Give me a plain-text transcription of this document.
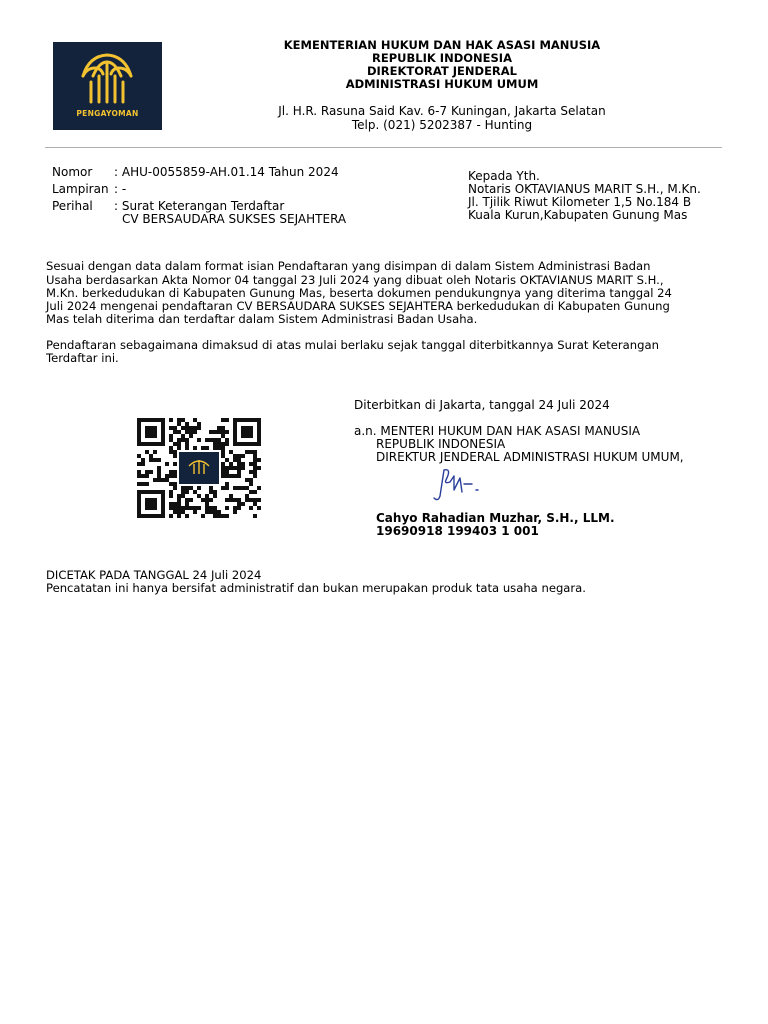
PENGAYOMAN
KEMENTERIAN HUKUM DAN HAK ASASI MANUSIA
REPUBLIK INDONESIA
DIREKTORAT JENDERAL
ADMINISTRASI HUKUM UMUM
Jl. H.R. Rasuna Said Kav. 6-7 Kuningan, Jakarta Selatan
Telp. (021) 5202387 - Hunting
Nomor : AHU-0055859-AH.01.14 Tahun 2024
Lampiran : -
Perihal : Surat Keterangan Terdaftar
CV BERSAUDARA SUKSES SEJAHTERA
Kepada Yth.
Notaris OKTAVIANUS MARIT S.H., M.Kn.
Jl. Tjilik Riwut Kilometer 1,5 No.184 B
Kuala Kurun,Kabupaten Gunung Mas
Sesuai dengan data dalam format isian Pendaftaran yang disimpan di dalam Sistem Administrasi Badan
Usaha berdasarkan Akta Nomor 04 tanggal 23 Juli 2024 yang dibuat oleh Notaris OKTAVIANUS MARIT S.H.,
M.Kn. berkedudukan di Kabupaten Gunung Mas, beserta dokumen pendukungnya yang diterima tanggal 24
Juli 2024 mengenai pendaftaran CV BERSAUDARA SUKSES SEJAHTERA berkedudukan di Kabupaten Gunung
Mas telah diterima dan terdaftar dalam Sistem Administrasi Badan Usaha.
Pendaftaran sebagaimana dimaksud di atas mulai berlaku sejak tanggal diterbitkannya Surat Keterangan
Terdaftar ini.
Diterbitkan di Jakarta, tanggal 24 Juli 2024
a.n. MENTERI HUKUM DAN HAK ASASI MANUSIA
REPUBLIK INDONESIA
DIREKTUR JENDERAL ADMINISTRASI HUKUM UMUM,
Cahyo Rahadian Muzhar, S.H., LLM.
19690918 199403 1 001
DICETAK PADA TANGGAL 24 Juli 2024
Pencatatan ini hanya bersifat administratif dan bukan merupakan produk tata usaha negara.
